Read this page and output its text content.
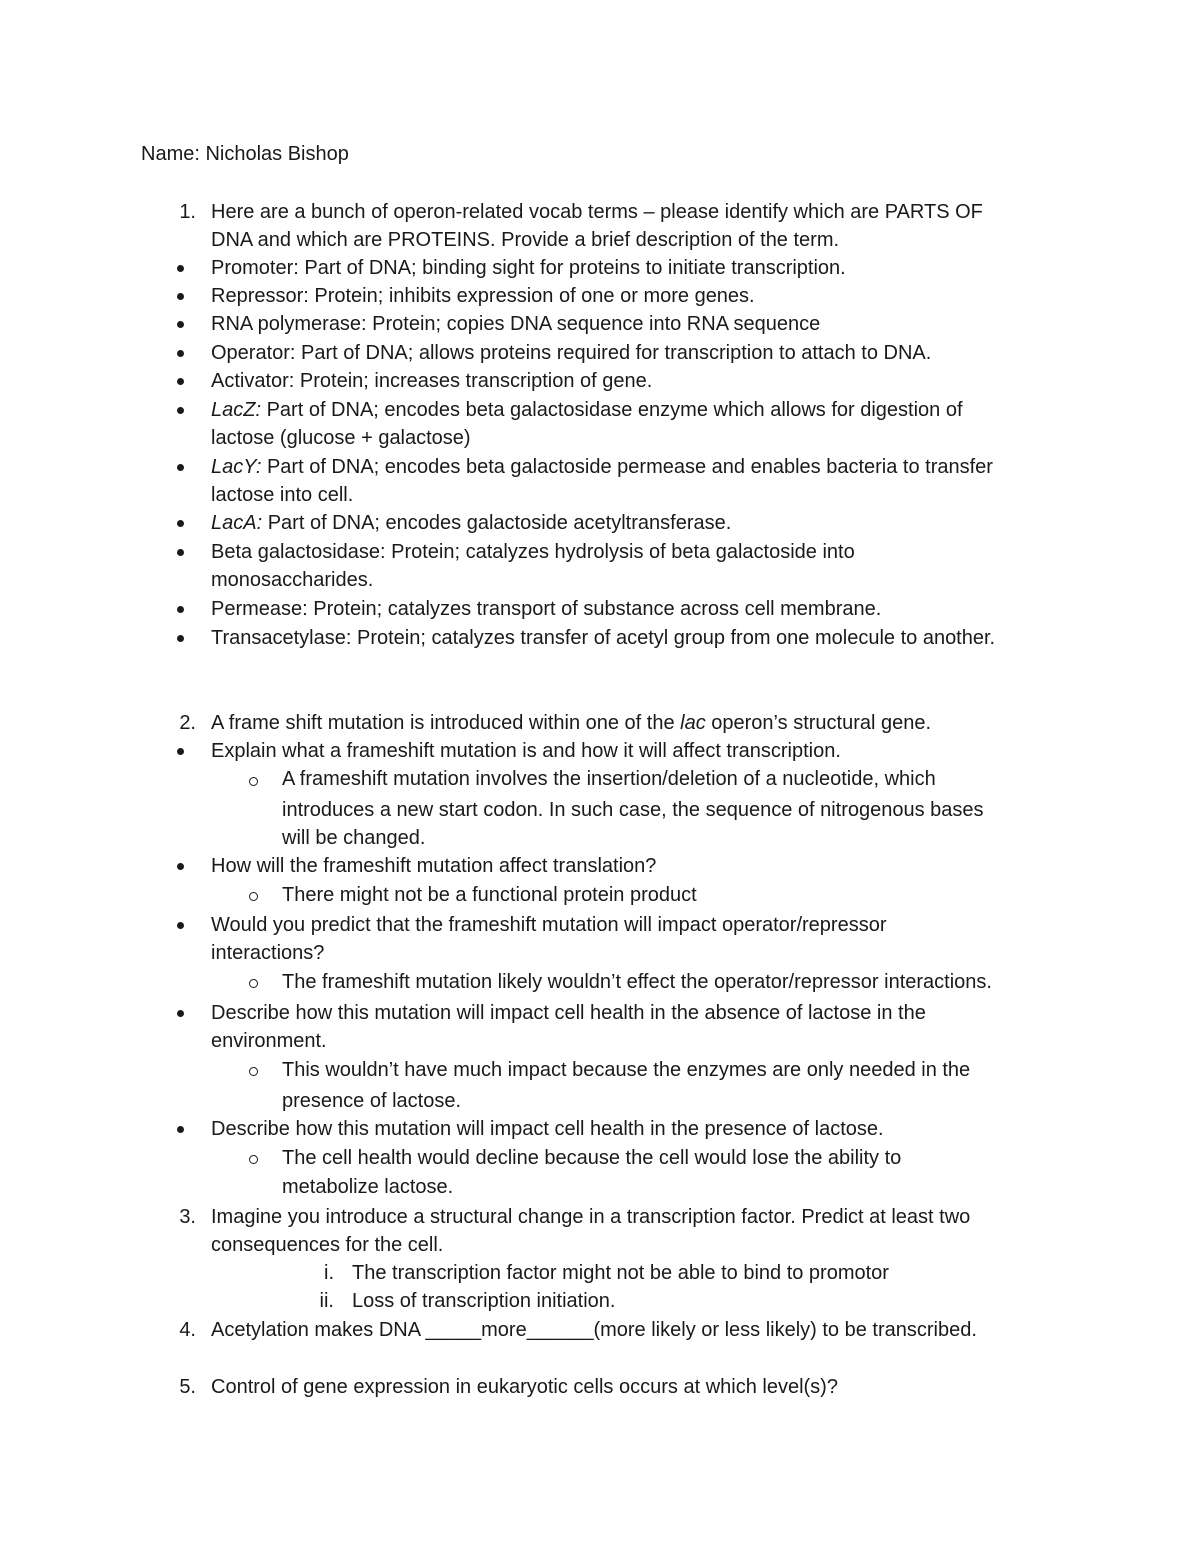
Name: Nicholas Bishop
1. Here are a bunch of operon-related vocab terms – please identify which are PARTS OF
DNA and which are PROTEINS. Provide a brief description of the term.
Promoter: Part of DNA; binding sight for proteins to initiate transcription.
Repressor: Protein; inhibits expression of one or more genes.
RNA polymerase: Protein; copies DNA sequence into RNA sequence
Operator: Part of DNA; allows proteins required for transcription to attach to DNA.
Activator: Protein; increases transcription of gene.
LacZ: Part of DNA; encodes beta galactosidase enzyme which allows for digestion of
lactose (glucose + galactose)
LacY: Part of DNA; encodes beta galactoside permease and enables bacteria to transfer
lactose into cell.
LacA: Part of DNA; encodes galactoside acetyltransferase.
Beta galactosidase: Protein; catalyzes hydrolysis of beta galactoside into
monosaccharides.
Permease: Protein; catalyzes transport of substance across cell membrane.
Transacetylase: Protein; catalyzes transfer of acetyl group from one molecule to another.
2. A frame shift mutation is introduced within one of the lac operon’s structural gene.
Explain what a frameshift mutation is and how it will affect transcription.
A frameshift mutation involves the insertion/deletion of a nucleotide, which
introduces a new start codon. In such case, the sequence of nitrogenous bases
will be changed.
How will the frameshift mutation affect translation?
There might not be a functional protein product
Would you predict that the frameshift mutation will impact operator/repressor
interactions?
The frameshift mutation likely wouldn’t effect the operator/repressor interactions.
Describe how this mutation will impact cell health in the absence of lactose in the
environment.
This wouldn’t have much impact because the enzymes are only needed in the
presence of lactose.
Describe how this mutation will impact cell health in the presence of lactose.
The cell health would decline because the cell would lose the ability to
metabolize lactose.
3. Imagine you introduce a structural change in a transcription factor. Predict at least two
consequences for the cell.
i. The transcription factor might not be able to bind to promotor
ii. Loss of transcription initiation.
4. Acetylation makes DNA _____more______(more likely or less likely) to be transcribed.
5. Control of gene expression in eukaryotic cells occurs at which level(s)?
